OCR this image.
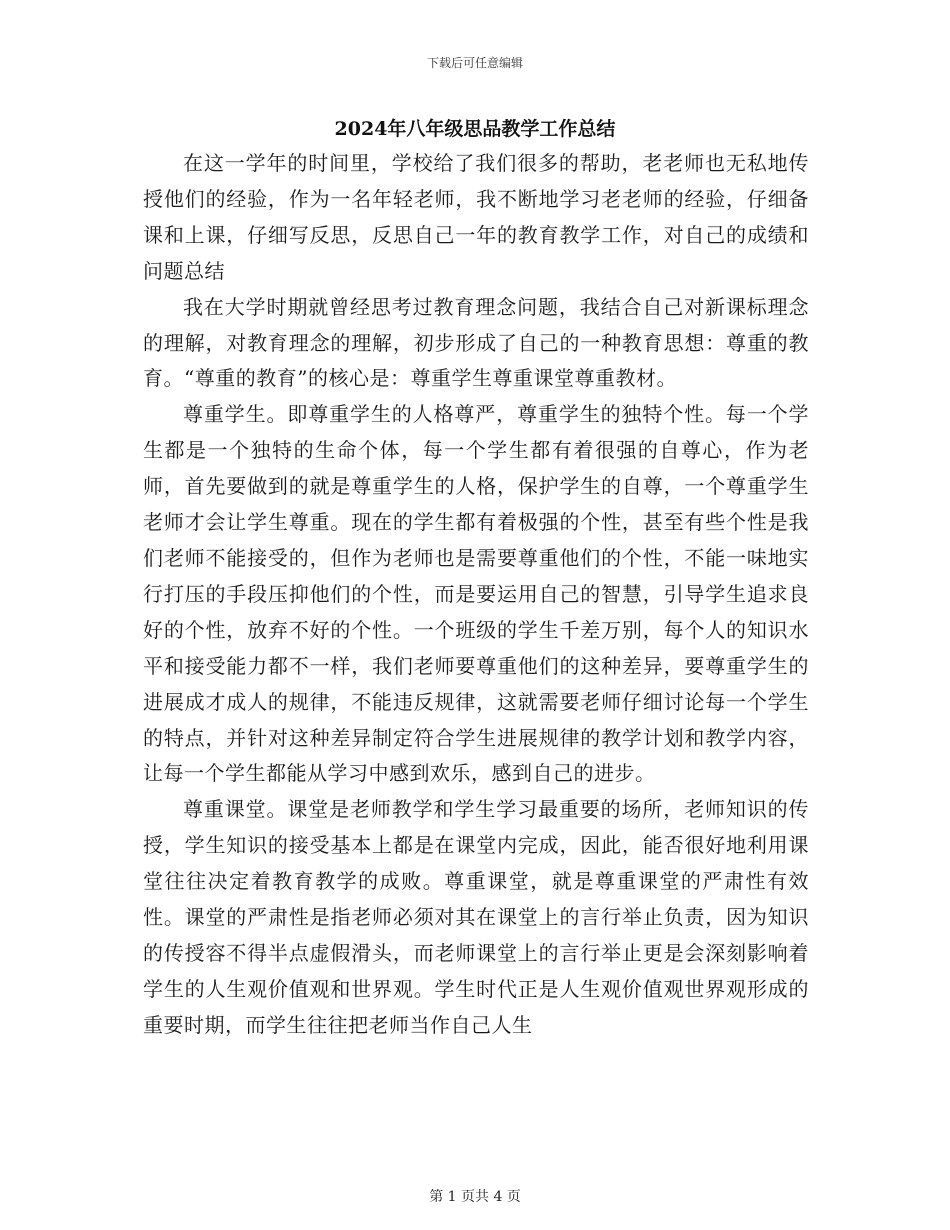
下载后可任意编辑
2024年八年级思品教学工作总结

在这一学年的时间里，学校给了我们很多的帮助，老老师也无私地传授他们的经验，作为一名年轻老师，我不断地学习老老师的经验，仔细备课和上课，仔细写反思，反思自己一年的教育教学工作，对自己的成绩和问题总结

我在大学时期就曾经思考过教育理念问题，我结合自己对新课标理念的理解，对教育理念的理解，初步形成了自己的一种教育思想：尊重的教育。“尊重的教育”的核心是：尊重学生尊重课堂尊重教材。

尊重学生。即尊重学生的人格尊严，尊重学生的独特个性。每一个学生都是一个独特的生命个体，每一个学生都有着很强的自尊心，作为老师，首先要做到的就是尊重学生的人格，保护学生的自尊，一个尊重学生老师才会让学生尊重。现在的学生都有着极强的个性，甚至有些个性是我们老师不能接受的，但作为老师也是需要尊重他们的个性，不能一味地实行打压的手段压抑他们的个性，而是要运用自己的智慧，引导学生追求良好的个性，放弃不好的个性。一个班级的学生千差万别，每个人的知识水平和接受能力都不一样，我们老师要尊重他们的这种差异，要尊重学生的进展成才成人的规律，不能违反规律，这就需要老师仔细讨论每一个学生的特点，并针对这种差异制定符合学生进展规律的教学计划和教学内容，让每一个学生都能从学习中感到欢乐，感到自己的进步。

尊重课堂。课堂是老师教学和学生学习最重要的场所，老师知识的传授，学生知识的接受基本上都是在课堂内完成，因此，能否很好地利用课堂往往决定着教育教学的成败。尊重课堂，就是尊重课堂的严肃性有效性。课堂的严肃性是指老师必须对其在课堂上的言行举止负责，因为知识的传授容不得半点虚假滑头，而老师课堂上的言行举止更是会深刻影响着学生的人生观价值观和世界观。学生时代正是人生观价值观世界观形成的重要时期，而学生往往把老师当作自己人生

第 1 页共 4 页
